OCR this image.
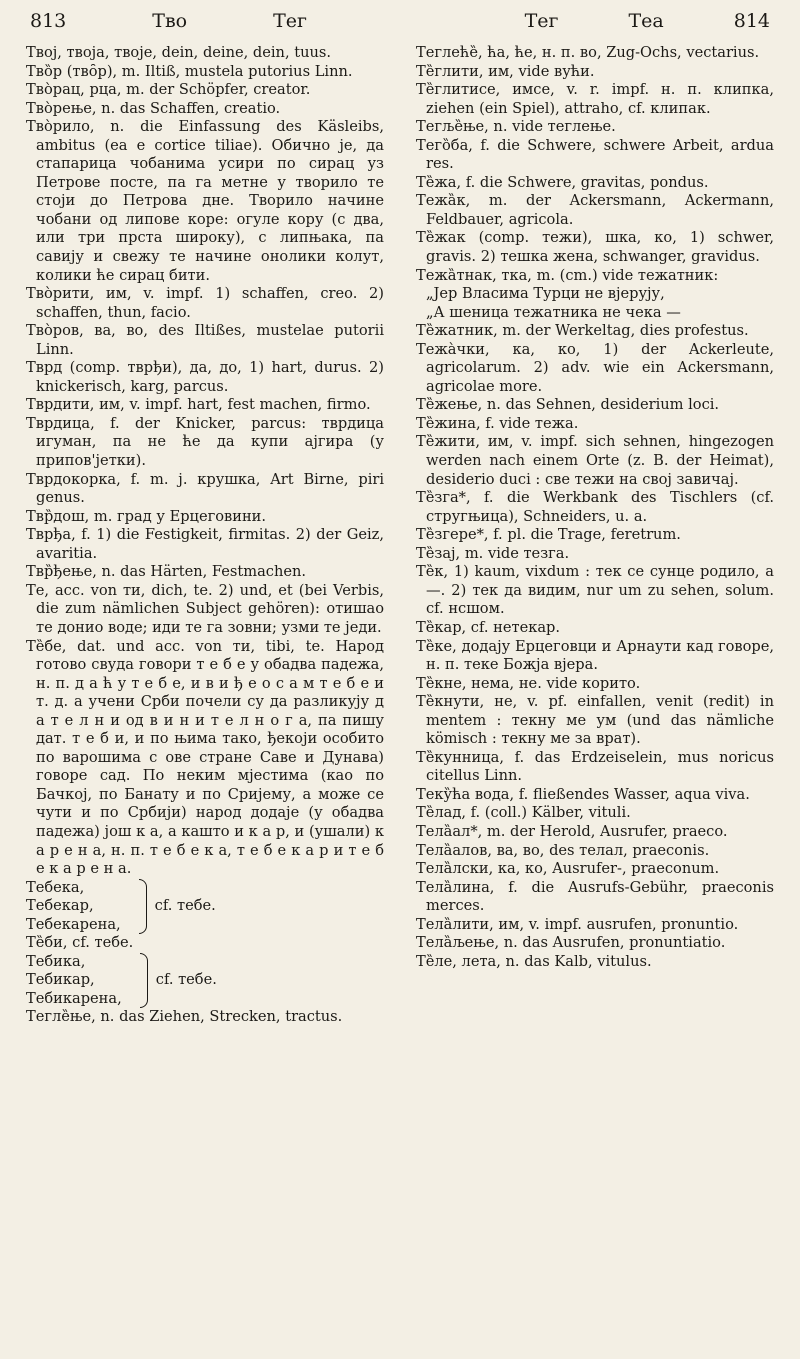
813	Тво	Тег	Тег	Теа	814

Твој, твоја, твоје, dein, deine, dein, tuus.

Тво̏р (тво̑р), m. Iltiß, mustela putorius Linn.

Тво̀рац, рца, m. der Schöpfer, creator.

Тво̀рење, n. das Schaffen, creatio.

Тво̀рило, n. die Einfassung des Käsleibs, ambitus (ea e cortice tiliae). Обично је, да стапарица чобанима усири по сирац уз Петрове посте, па га метне у творило те стоји до Петрова дне. Творило начине чобани од липове коре: огуле кору (с два, или три прста широку), с липњака, па савију и свежу те начине онолики колут, колики ће сирац бити.

Тво̀рити, им, v. impf. 1) schaffen, creo. 2) schaffen, thun, facio.

Тво̀ров, ва, во, des Iltißes, mustelae putorii Linn.

Тврд (comp. тврђи), да, до, 1) hart, durus. 2) knickerisch, karg, parcus.

Тврдити, им, v. impf. hart, fest machen, firmo.

Тврдица, f. der Knicker, parcus: тврдица игуман, па не ће да купи ајгира (у припов'јетки).

Тврдокорка, f. m. j. крушка, Art Birne, piri genus.

Твр̏дош, m. град у Ерцеговини.

Тврђа, f. 1) die Festigkeit, firmitas. 2) der Geiz, avaritia.

Твр̏ђење, n. das Härten, Festmachen.

Те, acc. von ти, dich, te. 2) und, et (bei Verbis, die zum nämlichen Subject gehören): отишао те донио воде; иди те га зовни; узми те једи.

Те̏бе, dat. und acc. von ти, tibi, te. Народ готово свуда говори т е б е у обадва падежа, н. п. д а ћ у т е б е, и в и ђ е о с а м т е б е и т. д. а учени Срби почели су да разликују д а т е л н и од в и н и т е л н о г а, па пишу дат. т е б и, и по њима тако, ђекоји особито по варошима с ове стране Саве и Дунава) говоре сад. По неким мјестима (као по Бачкој, по Банату и по Сријему, а може се чути и по Србији) народ додаје (у обадва падежа) још к а, а кашто и к а р, и (ушали) к а р е н а, н. п. т е б е к а, т е б е к а р и т е б е к а р е н а.

Тебека,
Тебекар,
Тебекарена,
cf. тебе.

Те̏би, cf. тебе.

Тебика,
Тебикар,
Тебикарена,
cf. тебе.

Тегле̏ње, n. das Ziehen, Strecken, tractus.

Теглеће̏, ћа, ће, н. п. во, Zug-Ochs, vectarius.

Те̏глити, им, vide вући.

Те̏глитисе, имсе, v. r. impf. н. п. клипка, ziehen (ein Spiel), attraho, cf. клипак.

Тегље̏ње, n. vide теглење.

Тего̏ба, f. die Schwere, schwere Arbeit, ardua res.

Те̏жа, f. die Schwere, gravitas, pondus.

Тежа̏к, m. der Ackersmann, Ackermann, Feldbauer, agricola.

Те̏жак (comp. тежи), шка, ко, 1) schwer, gravis. 2) тешка жена, schwanger, gravidus.

Тежа̏тнак, тка, m. (cm.) vide тежатник:

„Јер Власима Турци не вјерују,

„А шеница тежатника не чека —

Те̏жатник, m. der Werkeltag, dies profestus.

Тежа̀чки, ка, ко, 1) der Ackerleute, agricolarum. 2) adv. wie ein Ackersmann, agricolae more.

Те̏жење, n. das Sehnen, desiderium loci.

Те̏жина, f. vide тежа.

Те̏жити, им, v. impf. sich sehnen, hingezogen werden nach einem Orte (z. B. der Heimat), desiderio duci : све тежи на свој завичај.

Те̏зга*, f. die Werkbank des Tischlers (cf. стругњица), Schneiders, u. a.

Те̏згере*, f. pl. die Trage, feretrum.

Те̏зај, m. vide тезга.

Те̏к, 1) kaum, vixdum : тек се сунце родило, а —. 2) тек да видим, nur um zu sehen, solum. cf. нсшом.

Те̏кар, cf. нетекар.

Те̏ке, додају Ерцеговци и Арнаути кад говоре, н. п. теке Божја вјера.

Те̏кне, нема, не. vide коритo.

Те̏кнути, не, v. pf. einfallen, venit (redit) in mentem : текну ме ум (und das nämliche kömisch : текну ме за врат).

Те̏кунница, f. das Erdzeiselein, mus noricus citellus Linn.

Теку̏ћа вода, f. fließendes Wasser, aqua viva.

Те̏лад, f. (coll.) Kälber, vituli.

Тела̏ал*, m. der Herold, Ausrufer, praeco.

Тела̏алов, ва, во, des телал, praeconis.

Тела̏лски, ка, ко, Ausrufer-, praeconum.

Тела̏лина, f. die Ausrufs-Gebühr, praeconis merces.

Тела̏лити, им, v. impf. ausrufen, pronuntio.

Тела̏љење, n. das Ausrufen, pronuntiatio.

Те̏ле, лета, n. das Kalb, vitulus.
